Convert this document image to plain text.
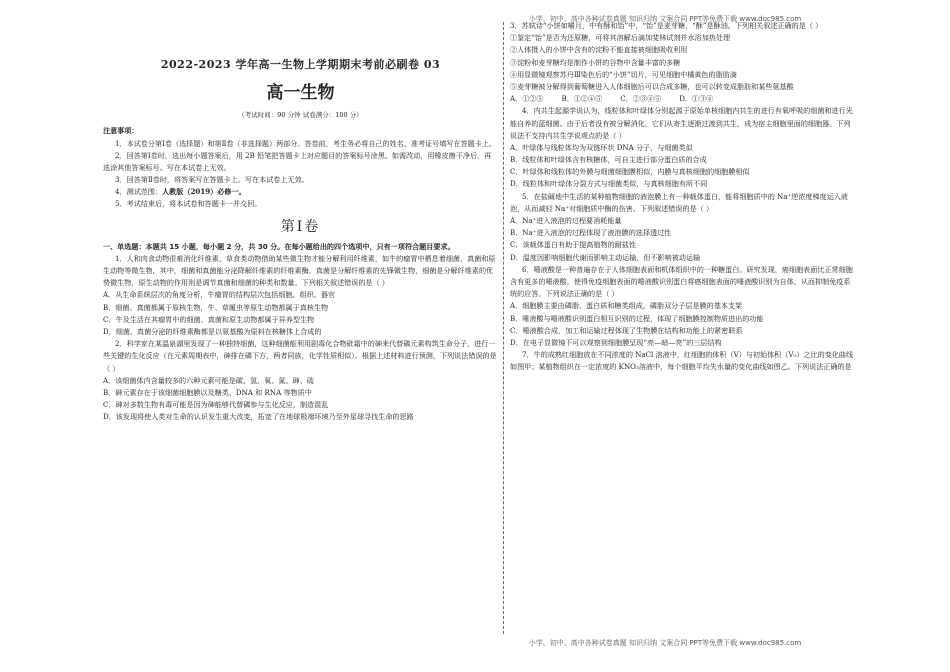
小学、初中、高中各种试卷真题 知识归纳 文案合同 PPT等免费下载 www.doc985.com

2022-2023 学年高一生物上学期期末考前必刷卷 03

高一生物

（考试时间：90 分钟 试卷满分：100 分）

注意事项：

1．本试卷分第Ⅰ卷（选择题）和第Ⅱ卷（非选择题）两部分。答卷前，考生务必将自己的姓名、准考证号填写在答题卡上。

2．回答第Ⅰ卷时，选出每小题答案后，用 2B 铅笔把答题卡上对应题目的答案标号涂黑。如需改动，用橡皮擦干净后，再选涂其他答案标号。写在本试卷上无效。

3．回答第Ⅱ卷时，将答案写在答题卡上。写在本试卷上无效。

4．测试范围：人教版（2019）必修一。

5．考试结束后，将本试卷和答题卡一并交回。

第Ⅰ卷

一、单选题：本题共 15 小题，每小题 2 分，共 30 分。在每小题给出的四个选项中，只有一项符合题目要求。

1．人和肉食动物很难消化纤维素，草食类动物借助某些微生物才能分解利用纤维素，如牛的瘤胃中栖息着细菌、真菌和原生动物等微生物，其中，细菌和真菌能分泌降解纤维素的纤维素酶，真菌是分解纤维素的先锋微生物，细菌是分解纤维素的优势微生物，原生动物的作用则是调节真菌和细菌的种类和数量。下列相关叙述错误的是（ ）

A．从生命系统层次的角度分析，牛瘤胃的结构层次包括细胞、组织、器官

B．细菌、真菌都属于原核生物，牛、草履虫等原生动物都属于真核生物

C．牛及生活在其瘤胃中的细菌、真菌和原生动物都属于异养型生物

D．细菌、真菌分泌的纤维素酶都是以氨基酸为原料在核糖体上合成的

2．科学家在某温泉湖里发现了一种独特细菌，这种细菌能利用剧毒化合物砒霜中的砷来代替磷元素构筑生命分子，进行一些关键的生化反应（在元素周期表中，砷排在磷下方，两者同族，化学性质相似）。根据上述材料进行预测，下列说法错误的是（ ）

A．该细菌体内含量较多的六种元素可能是碳、氢、氧、氮、砷、硫

B．砷元素存在于该细菌细胞膜以及糖类、DNA 和 RNA 等物质中

C．砷对多数生物有毒可能是因为砷能够代替磷参与生化反应，制造混乱

D．该发现将使人类对生命的认识发生重大改变，拓宽了在地球极端环境乃至外星球寻找生命的思路

3．苏轼诗“小饼如嚼月，中有酥和饴”中，“饴”是麦芽糖，“酥”是酥油。下列相关叙述正确的是（ ）

①鉴定“饴”是否为还原糖，可将其溶解后滴加斐林试剂并水浴加热处理

②人体摄入的小饼中含有的淀粉不能直接被细胞吸收利用

③淀粉和麦芽糖均是制作小饼的谷物中含量丰富的多糖

④用显微镜观察苏丹Ⅲ染色后的“小饼”切片，可见细胞中橘黄色的脂肪滴

⑤麦芽糖被分解得到葡萄糖进入人体细胞后可以合成多糖，也可以转变成脂肪和某些氨基酸

A．①②⑤        B．①②④⑤        C．②③④⑤        D．①③④

4．内共生起源学说认为，线粒体和叶绿体分别起源于原始单核细胞内共生的进行有氧呼吸的细菌和进行光能自养的蓝细菌。由于后者没有被分解消化，它们从寄生逐渐过渡到共生，成为宿主细胞里面的细胞器。下列说法不支持内共生学说观点的是（ ）

A．叶绿体与线粒体均为双链环状 DNA 分子，与细菌类似

B．线粒体和叶绿体含有核糖体，可自主进行部分蛋白质的合成

C．叶绿体和线粒体的外膜与细菌细胞膜相似，内膜与真核细胞的细胞膜相似

D．线粒体和叶绿体分裂方式与细菌类似，与真核细胞有所不同

5．在盐碱地中生活的某种植物细胞的液泡膜上有一种载体蛋白，能将细胞质中的 Na⁺逆浓度梯度运入液泡，从而减轻 Na⁺对细胞质中酶的伤害。下列叙述错误的是（ ）

A．Na⁺进入液泡的过程要消耗能量

B．Na⁺进入液泡的过程体现了液泡膜的选择透过性

C．该载体蛋白有助于提高植物的耐盐性

D．温度因影响细胞代谢而影响主动运输，但不影响被动运输

6．唾液酸是一种普遍存在于人体细胞表面和机体组织中的一种糖蛋白。研究发现，癌细胞表面比正常细胞含有更多的唾液酸，使得免疫细胞表面的唾液酸识别蛋白将癌细胞表面的唾液酸识别为自体，从而抑制免疫系统的应答。下列说法正确的是（ ）

A．细胞膜主要由磷脂、蛋白质和糖类组成，磷脂双分子层是膜的基本支架

B．唾液酸与唾液酸识别蛋白相互识别的过程，体现了细胞膜控制物质进出的功能

C．唾液酸合成，加工和运输过程体现了生物膜在结构和功能上的紧密联系

D．在电子显微镜下可以观察到细胞膜呈现“亮—暗—亮”的三层结构

7．牛的成熟红细胞放在不同浓度的 NaCl 溶液中，红细胞的体积（V）与初始体积（V₀）之比的变化曲线如图甲；某植物组织在一定浓度的 KNO₃溶液中，每个细胞平均失水量的变化曲线如图乙。下列说法正确的是

小学、初中、高中各种试卷真题 知识归纳 文案合同 PPT等免费下载 www.doc985.com
